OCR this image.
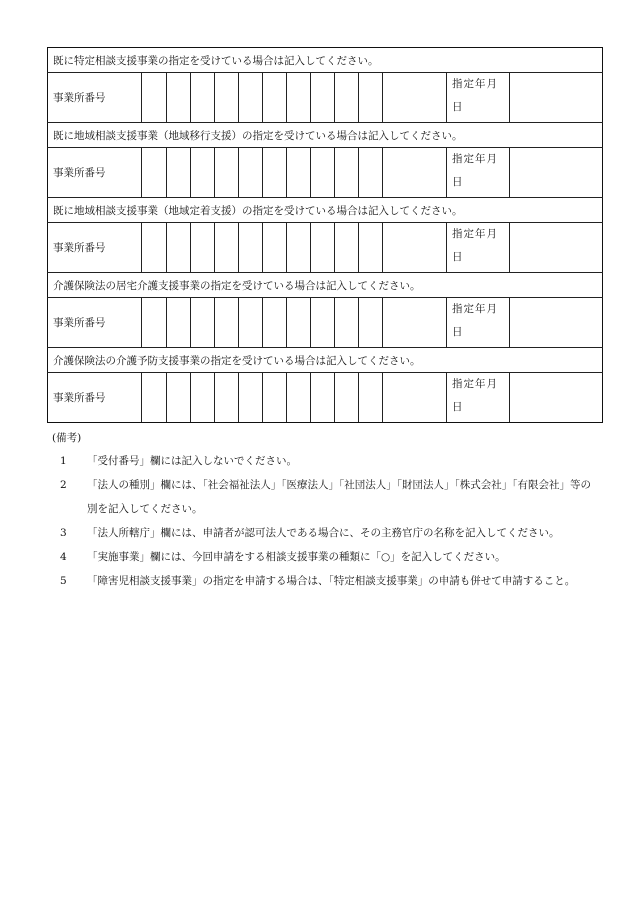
既に特定相談支援事業の指定を受けている場合は記入してください。													
事業所番号												指定年月日	
既に地域相談支援事業（地域移行支援）の指定を受けている場合は記入してください。													
事業所番号												指定年月日	
既に地域相談支援事業（地域定着支援）の指定を受けている場合は記入してください。													
事業所番号												指定年月日	
介護保険法の居宅介護支援事業の指定を受けている場合は記入してください。													
事業所番号												指定年月日	
介護保険法の介護予防支援事業の指定を受けている場合は記入してください。													
事業所番号												指定年月日	
(備考)
1	「受付番号」欄には記入しないでください。
2	「法人の種別」欄には、「社会福祉法人」「医療法人」「社団法人」「財団法人」「株式会社」「有限会社」等の別を記入してください。
3	「法人所轄庁」欄には、申請者が認可法人である場合に、その主務官庁の名称を記入してください。
4	「実施事業」欄には、今回申請をする相談支援事業の種類に「○」を記入してください。
5	「障害児相談支援事業」の指定を申請する場合は、「特定相談支援事業」の申請も併せて申請すること。
